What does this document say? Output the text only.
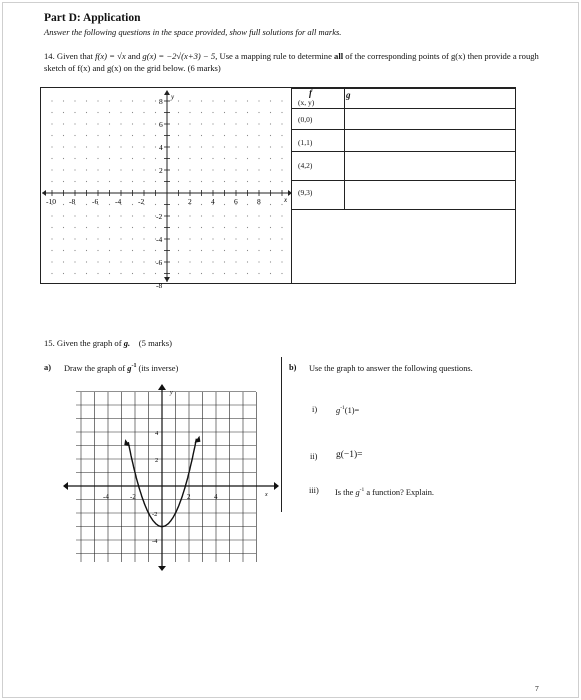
Part D: Application
Answer the following questions in the space provided, show full solutions for all marks.
14. Given that f(x) = √x and g(x) = −2√(x+3) − 5, Use a mapping rule to determine all of the corresponding points of g(x) then provide a rough sketch of f(x) and g(x) on the grid below. (6 marks)
-10 -8 -6 -4 -2	2	4	6	8
8
6
4
2
-2
-4
-6
-8
y
x
f	g
(x, y)
(0,0)
(1,1)
(4,2)
(9,3)
15. Given the graph of g. (5 marks)
a) Draw the graph of $g^{-1}$ (its inverse)	b) Use the graph to answer the following questions.
i) $g^{-1}(1)=$
ii) g(−1)=
iii) Is the $g^{-1}$ a function? Explain.
-4	-2	2	4
4
2
-2
-4
y
x
7
